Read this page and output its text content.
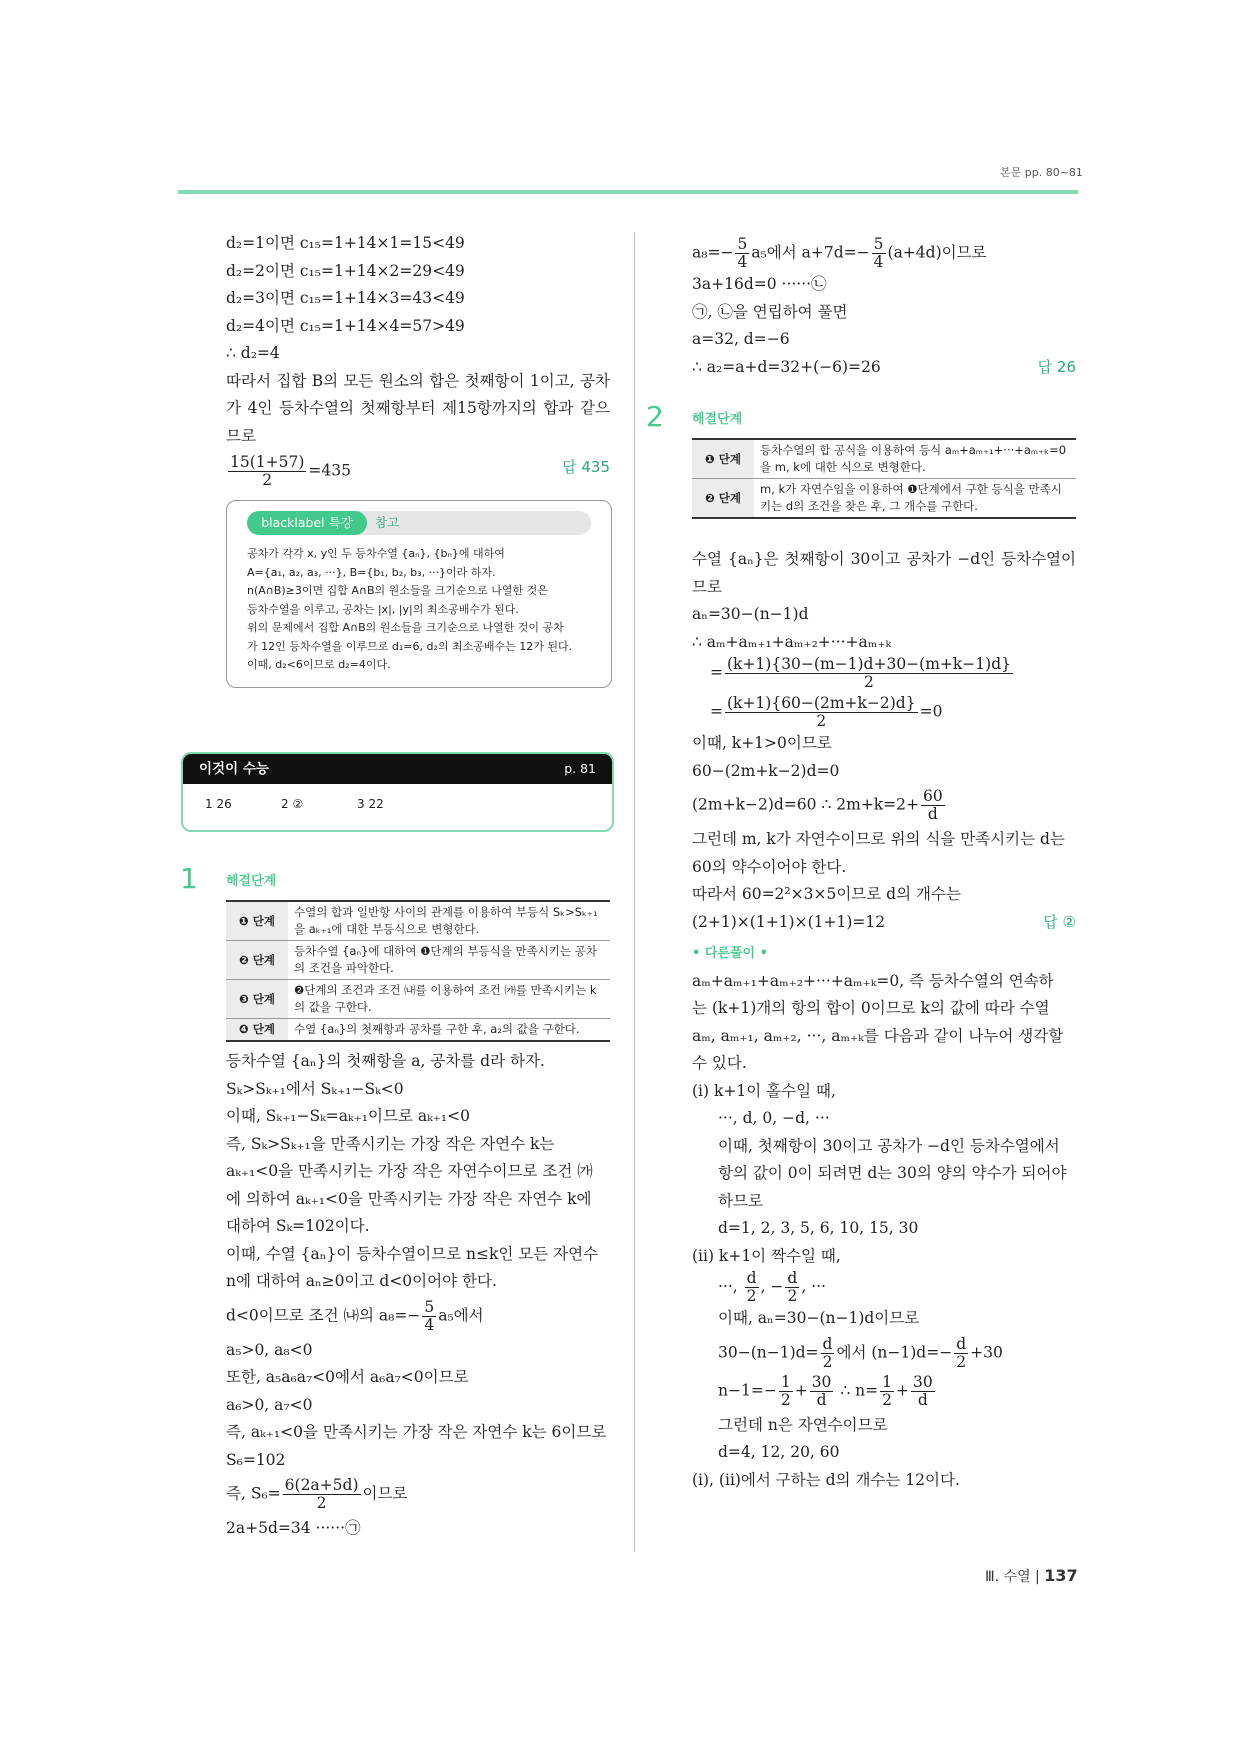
본문 pp. 80~81
d₂=1이면 c₁₅=1+14×1=15<49
d₂=2이면 c₁₅=1+14×2=29<49
d₂=3이면 c₁₅=1+14×3=43<49
d₂=4이면 c₁₅=1+14×4=57>49
∴ d₂=4
따라서 집합 B의 모든 원소의 합은 첫째항이 1이고, 공차가 4인 등차수열의 첫째항부터 제15항까지의 합과 같으므로
$\frac{15(1+57)}{2} =435$	답 435
blacklabel 특강	참고
공차가 각각 x, y인 두 등차수열 {aₙ}, {bₙ}에 대하여
A={a₁, a₂, a₃, ···}, B={b₁, b₂, b₃, ···}이라 하자.
n(A∩B)≥3이면 집합 A∩B의 원소들을 크기순으로 나열한 것은
등차수열을 이루고, 공차는 |x|, |y|의 최소공배수가 된다.
위의 문제에서 집합 A∩B의 원소들을 크기순으로 나열한 것이 공차
가 12인 등차수열을 이루므로 d₁=6, d₂의 최소공배수는 12가 된다.
이때, d₂<6이므로 d₂=4이다.
이것이 수능	p. 81
1 26	2 ②	3 22
1 해결단계
❶ 단계	수열의 합과 일반항 사이의 관계를 이용하여 부등식 Sₖ>Sₖ₊₁을 aₖ₊₁에 대한 부등식으로 변형한다.
❷ 단계	등차수열 {aₙ}에 대하여 ❶단계의 부등식을 만족시키는 공차의 조건을 파악한다.
❸ 단계	❷단계의 조건과 조건 ㈏를 이용하여 조건 ㈎를 만족시키는 k의 값을 구한다.
❹ 단계	수열 {aₙ}의 첫째항과 공차를 구한 후, a₂의 값을 구한다.
등차수열 {aₙ}의 첫째항을 a, 공차를 d라 하자.
Sₖ>Sₖ₊₁에서 Sₖ₊₁−Sₖ<0
이때, Sₖ₊₁−Sₖ=aₖ₊₁이므로 aₖ₊₁<0
즉, Sₖ>Sₖ₊₁을 만족시키는 가장 작은 자연수 k는
aₖ₊₁<0을 만족시키는 가장 작은 자연수이므로 조건 ㈎
에 의하여 aₖ₊₁<0을 만족시키는 가장 작은 자연수 k에
대하여 Sₖ=102이다.
이때, 수열 {aₙ}이 등차수열이므로 n≤k인 모든 자연수
n에 대하여 aₙ≥0이고 d<0이어야 한다.
d<0이므로 조건 ㈏의 $a_8=- \frac{5}{4} a_5$에서
a₅>0, a₈<0
또한, a₅a₆a₇<0에서 a₆a₇<0이므로
a₆>0, a₇<0
즉, aₖ₊₁<0을 만족시키는 가장 작은 자연수 k는 6이므로
S₆=102
즉, $S_6= \frac{6(2a+5d)}{2}$ 이므로
2a+5d=34 ······㉠
$a_8=- \frac{5}{4} a_5$에서 $a+7d=- \frac{5}{4} (a+4d)$이므로
3a+16d=0 ······㉡
㉠, ㉡을 연립하여 풀면
a=32, d=−6
∴ a₂=a+d=32+(−6)=26	답 26
2 해결단계
❶ 단계	등차수열의 합 공식을 이용하여 등식 aₘ+aₘ₊₁+···+aₘ₊ₖ=0을 m, k에 대한 식으로 변형한다.
❷ 단계	m, k가 자연수임을 이용하여 ❶단계에서 구한 등식을 만족시키는 d의 조건을 찾은 후, 그 개수를 구한다.
수열 {aₙ}은 첫째항이 30이고 공차가 −d인 등차수열이므로
aₙ=30−(n−1)d
∴ aₘ+aₘ₊₁+aₘ₊₂+···+aₘ₊ₖ
= $\frac{(k+1)\{30-(m-1)d+30-(m+k-1)d\}}{2}$
= $\frac{(k+1)\{60-(2m+k-2)d\}}{2} =0$
이때, k+1>0이므로
60−(2m+k−2)d=0
(2m+k−2)d=60 ∴ $2m+k=2+ \frac{60}{d}$
그런데 m, k가 자연수이므로 위의 식을 만족시키는 d는
60의 약수이어야 한다.
따라서 60=2²×3×5이므로 d의 개수는
(2+1)×(1+1)×(1+1)=12	답 ②
• 다른풀이 •
aₘ+aₘ₊₁+aₘ₊₂+···+aₘ₊ₖ=0, 즉 등차수열의 연속하
는 (k+1)개의 항의 합이 0이므로 k의 값에 따라 수열
aₘ, aₘ₊₁, aₘ₊₂, ···, aₘ₊ₖ를 다음과 같이 나누어 생각할
수 있다.
(ⅰ) k+1이 홀수일 때,
···, d, 0, −d, ···
이때, 첫째항이 30이고 공차가 −d인 등차수열에서
항의 값이 0이 되려면 d는 30의 양의 약수가 되어야
하므로
d=1, 2, 3, 5, 6, 10, 15, 30
(ⅱ) k+1이 짝수일 때,
···, $\frac{d}{2}$ , − $\frac{d}{2}$ , ···
이때, aₙ=30−(n−1)d이므로
$30-(n-1)d= \frac{d}{2}$ 에서 $(n-1)d=- \frac{d}{2} +30$
$n-1=- \frac{1}{2} + \frac{30}{d}$ ∴ $n= \frac{1}{2} + \frac{30}{d}$
그런데 n은 자연수이므로
d=4, 12, 20, 60
(ⅰ), (ⅱ)에서 구하는 d의 개수는 12이다.
Ⅲ. 수열 | 137
